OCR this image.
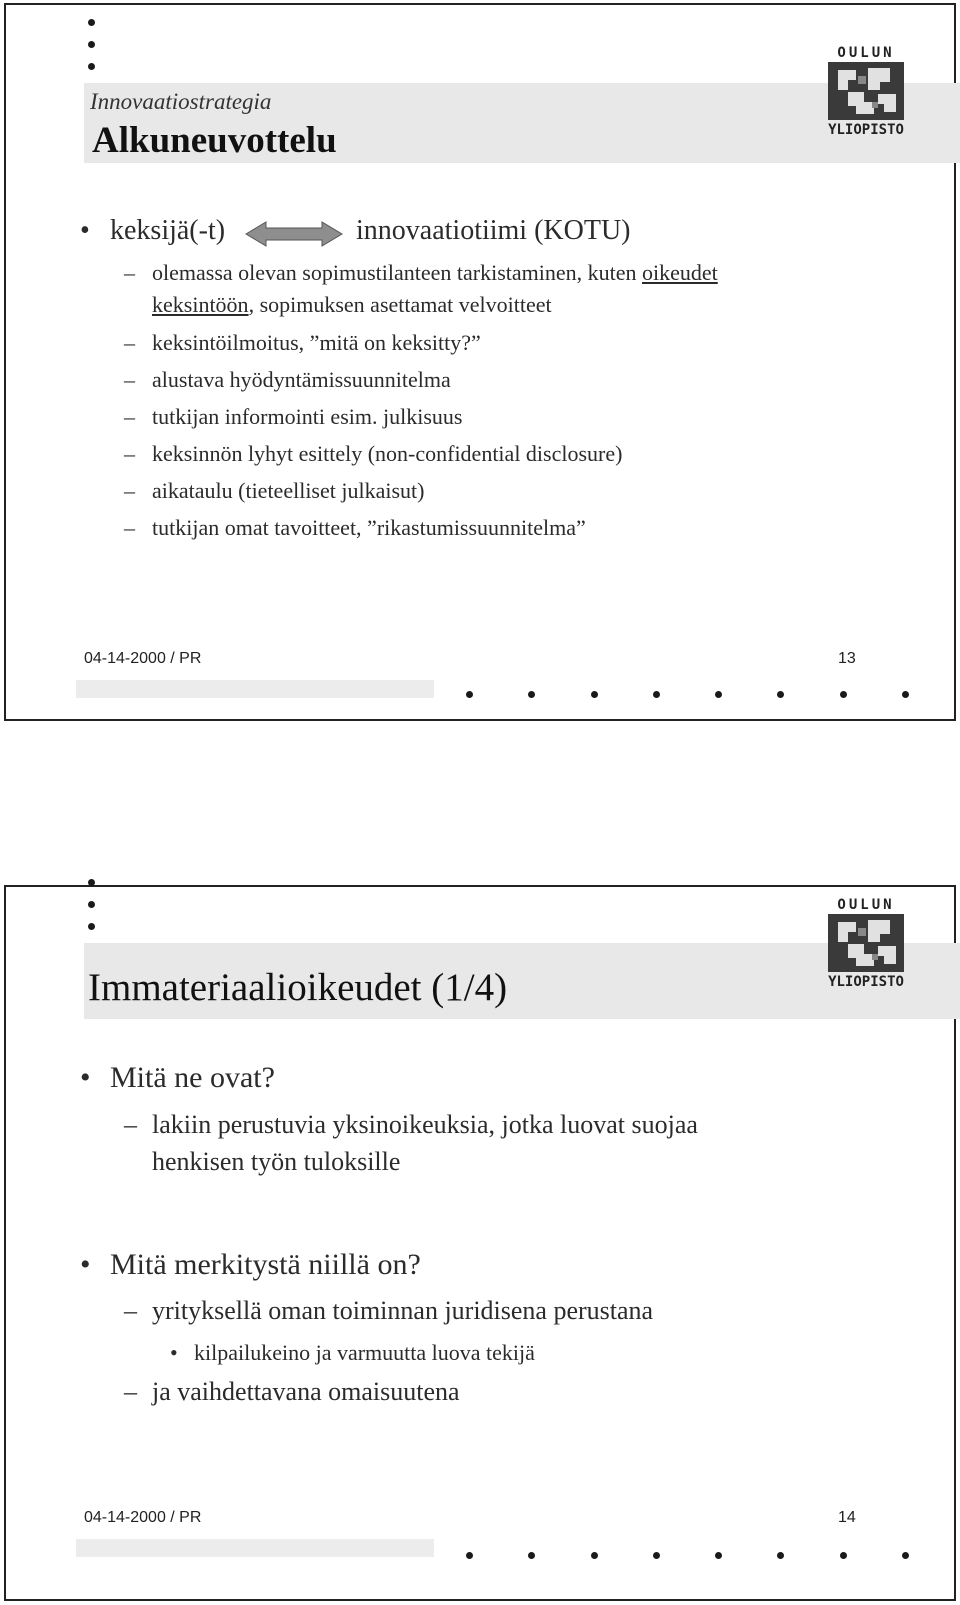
Innovaatiostrategia
Alkuneuvottelu
OULUN
YLIOPISTO
• keksijä(-t)	innovaatiotiimi (KOTU)
– olemassa olevan sopimustilanteen tarkistaminen, kuten oikeudet
keksintöön, sopimuksen asettamat velvoitteet
– keksintöilmoitus, ”mitä on keksitty?”
– alustava hyödyntämissuunnitelma
– tutkijan informointi esim. julkisuus
– keksinnön lyhyt esittely (non-confidential disclosure)
– aikataulu (tieteelliset julkaisut)
– tutkijan omat tavoitteet, ”rikastumissuunnitelma”
04-14-2000 / PR	13
Immateriaalioikeudet (1/4)
OULUN
YLIOPISTO
• Mitä ne ovat?
– lakiin perustuvia yksinoikeuksia, jotka luovat suojaa
henkisen työn tuloksille
• Mitä merkitystä niillä on?
– yrityksellä oman toiminnan juridisena perustana
• kilpailukeino ja varmuutta luova tekijä
– ja vaihdettavana omaisuutena
04-14-2000 / PR	14
